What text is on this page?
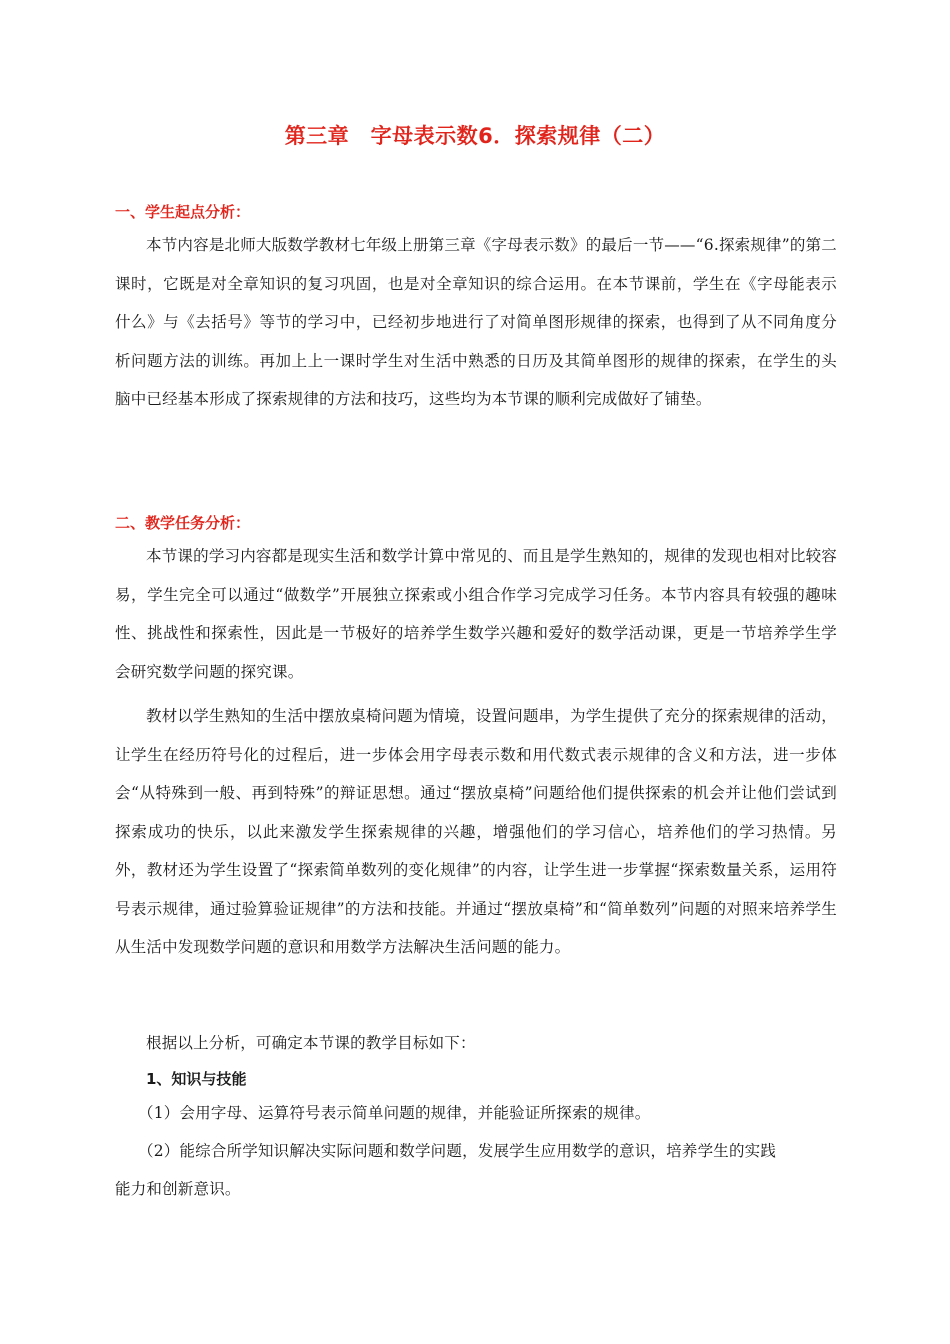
第三章　字母表示数6．探索规律（二）
一、学生起点分析：
本节内容是北师大版数学教材七年级上册第三章《字母表示数》的最后一节——“6.探索规律”的第二课时，它既是对全章知识的复习巩固，也是对全章知识的综合运用。在本节课前，学生在《字母能表示什么》与《去括号》等节的学习中，已经初步地进行了对简单图形规律的探索，也得到了从不同角度分析问题方法的训练。再加上上一课时学生对生活中熟悉的日历及其简单图形的规律的探索，在学生的头脑中已经基本形成了探索规律的方法和技巧，这些均为本节课的顺利完成做好了铺垫。
二、教学任务分析：
本节课的学习内容都是现实生活和数学计算中常见的、而且是学生熟知的，规律的发现也相对比较容易，学生完全可以通过“做数学”开展独立探索或小组合作学习完成学习任务。本节内容具有较强的趣味性、挑战性和探索性，因此是一节极好的培养学生数学兴趣和爱好的数学活动课，更是一节培养学生学会研究数学问题的探究课。
教材以学生熟知的生活中摆放桌椅问题为情境，设置问题串，为学生提供了充分的探索规律的活动，让学生在经历符号化的过程后，进一步体会用字母表示数和用代数式表示规律的含义和方法，进一步体会“从特殊到一般、再到特殊”的辩证思想。通过“摆放桌椅”问题给他们提供探索的机会并让他们尝试到探索成功的快乐，以此来激发学生探索规律的兴趣，增强他们的学习信心，培养他们的学习热情。另外，教材还为学生设置了“探索简单数列的变化规律”的内容，让学生进一步掌握“探索数量关系，运用符号表示规律，通过验算验证规律”的方法和技能。并通过“摆放桌椅”和“简单数列”问题的对照来培养学生从生活中发现数学问题的意识和用数学方法解决生活问题的能力。
根据以上分析，可确定本节课的教学目标如下：
1、知识与技能
（1）会用字母、运算符号表示简单问题的规律，并能验证所探索的规律。
（2）能综合所学知识解决实际问题和数学问题，发展学生应用数学的意识，培养学生的实践
能力和创新意识。
